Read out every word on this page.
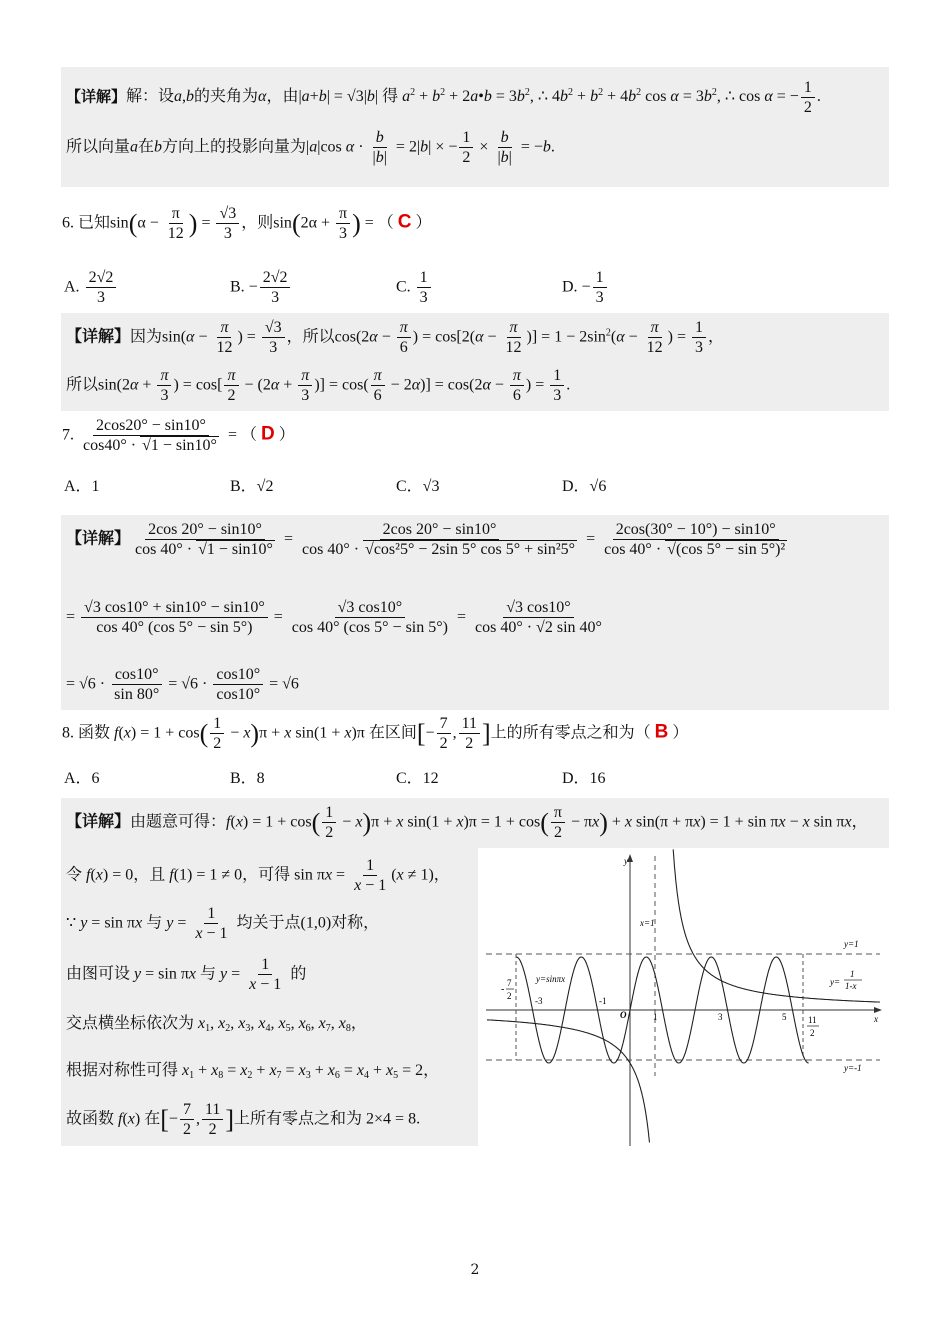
【详解】解：设a,b的夹角为α，由|a+b| = √3|b| 得 $a^2 + b^2$ + 2a•b = $3b^2$, ∴ $4b^2 + b^2 + 4b^2$ $\cos \alpha = 3b^2$, ∴ cos α = − $\frac{1}{2}$ .
所以向量a在b方向上的投影向量为|a|cos $\alpha \cdot \frac{b}{|b|} = 2|b|$ × − $\frac{1}{2} \times \frac{b}{|b|} = -b$.
6. 已知$\sin(\alpha - \frac{\pi}{12}$ ) = $\frac{√3}{3}$ ，则$\sin(2\alpha + \frac{\pi}{3}$ ) = （ C ）
A. $\frac{2√2}{3}$	B. − $\frac{2√2}{3}$	C. $\frac{1}{3}$	D. − $\frac{1}{3}$
【详解】因为$\sin(\alpha - \frac{\pi}{12}$ ) = $\frac{√3}{3}$ ，所以$\cos(2\alpha - \frac{\pi}{6}$ ) = $\cos[2(\alpha - \frac{\pi}{12}$ )] = $1 - 2\sin^2(\alpha - \frac{\pi}{12}$ ) = $\frac{1}{3}$ ，
所以$\sin(2\alpha + \frac{\pi}{3}$ ) = $\cos[ \frac{\pi}{2} - (2\alpha + \frac{\pi}{3}$ )] = $\cos( \frac{\pi}{6} - 2\alpha)] = \cos(2\alpha - \frac{\pi}{6}$ ) = $\frac{1}{3}$ .
7. $\frac{2\cos 20^\circ - \sin 10^\circ}{\cos 40^\circ \cdot √1 - \sin 10^\circ}$ = （ D ）
A．1	B．√2	C．√3	D．√6
【详解】 $\frac{2\cos 20^\circ - \sin 10^\circ}{\cos 40^\circ \cdot √1 - \sin 10^\circ} = \frac{2\cos 20^\circ - \sin 10^\circ}{\text{cos 40° · √cos²5° − 2sin 5° cos 5° + sin²5°}} = \frac{2\cos(30^\circ - 10^\circ) - \sin 10^\circ}{\text{cos 40° · √(cos 5° − sin 5°)²}}$
= $\frac{√3 \cos 10^\circ + \sin 10^\circ - \sin 10^\circ}{\cos 40^\circ (\cos 5^\circ - \sin 5^\circ)} = \frac{√3 \cos 10^\circ}{\cos 40^\circ (\cos 5^\circ - \sin 5^\circ)} = \frac{√3 \cos 10^\circ}{\cos 40^\circ \cdot √2 \sin 40^\circ}$
= $√6 \cdot \frac{\cos 10^\circ}{\sin 80^\circ} = √6 \cdot \frac{\cos 10^\circ}{\cos 10^\circ} = √6$
8. 函数 $f(x) = 1 + \cos( \frac{1}{2} - x)\pi + x$ sin(1 + x)π 在区间[− $\frac{7}{2}$ , $\frac{11}{2}$ ]上的所有零点之和为（ B ）
A．6	B．8	C．12	D．16
【详解】由题意可得：$f(x) = 1 + \cos( \frac{1}{2} - x)\pi + x$ $\sin(1 + x)\pi = 1 + \cos( \frac{\pi}{2} - \pi x) + x$ sin(π + πx) = 1 + sin πx − x sin πx，
令 f(x) = 0，且 f(1) = 1 ≠ 0，可得 $\sin \pi x = \frac{1}{x - 1} (x \ne 1)$，
∵ y = sin πx 与 $y = \frac{1}{x - 1}$ 均关于点(1,0)对称，
由图可设 y = sin πx 与 $y = \frac{1}{x - 1}$ 的
交点横坐标依次为 $x_1$, $x_2$, $x_3$, $x_4$, $x_5$, $x_6$, $x_7$, $x_8$，
根据对称性可得 $x_1 + x_8 = x_2 + x_7 = x_3 + x_6 = x_4 + x_5 = 2$，
故函数 f(x) 在[− $\frac{7}{2}$ , $\frac{11}{2}$ ]上所有零点之和为 2×4 = 8.
y
x
O
x=1
y=1
y=-1
y=sinπx	1
1-x
y=
-3	-1
1	3	5
-
7
2
11
2
2
